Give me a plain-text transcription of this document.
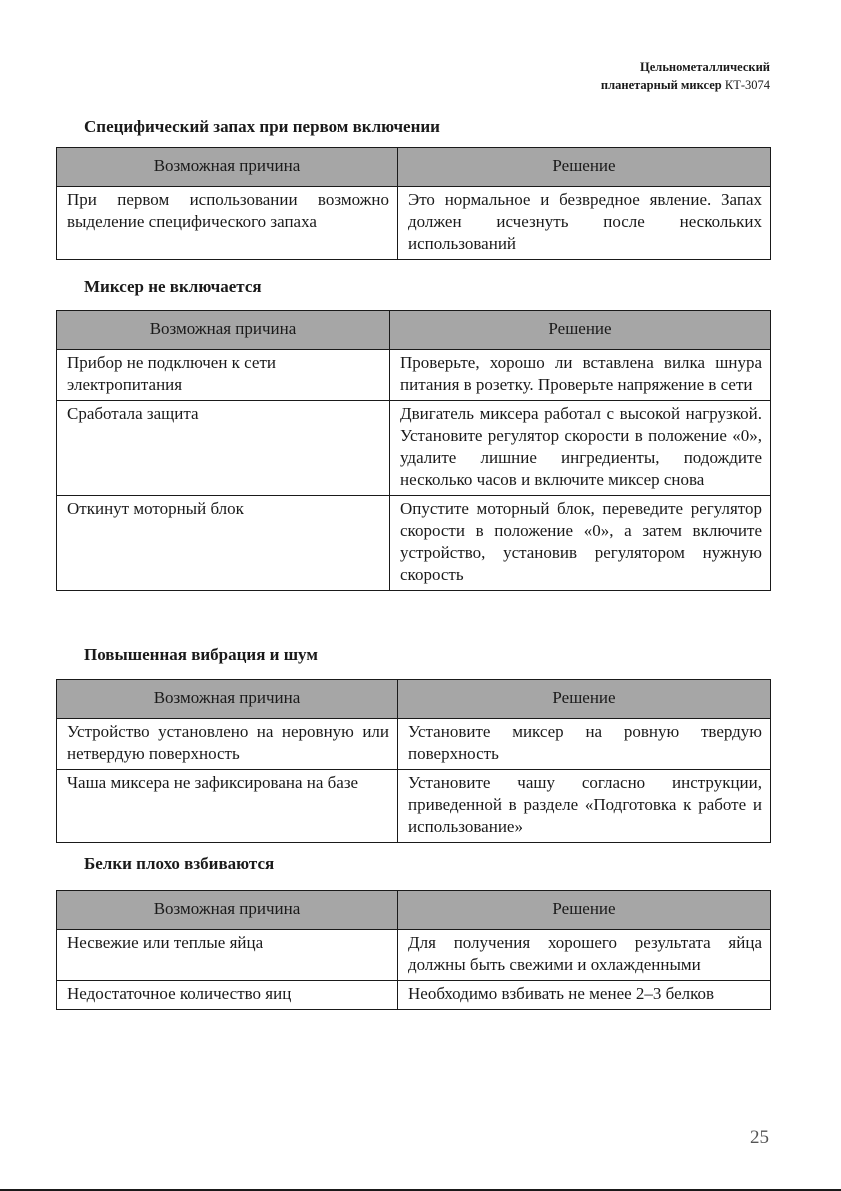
Цельнометаллический
планетарный миксер КТ-3074
Специфический запах при первом включении
Возможная причина	Решение
При первом использовании возможно выделение специфического запаха	Это нормальное и безвредное явление. Запах должен исчезнуть после нескольких использований
Миксер не включается
Возможная причина	Решение
Прибор не подключен к сети электропитания	Проверьте, хорошо ли вставлена вилка шнура питания в розетку. Проверьте напряжение в сети
Сработала защита	Двигатель миксера работал с высокой нагрузкой. Установите регулятор скорости в положение «0», удалите лишние ингредиенты, подождите несколько часов и включите миксер снова
Откинут моторный блок	Опустите моторный блок, переведите регулятор скорости в положение «0», а затем включите устройство, установив регулятором нужную скорость
Повышенная вибрация и шум
Возможная причина	Решение
Устройство установлено на неровную или нетвердую поверхность	Установите миксер на ровную твердую поверхность
Чаша миксера не зафиксирована на базе	Установите чашу согласно инструкции, приведенной в разделе «Подготовка к работе и использование»
Белки плохо взбиваются
Возможная причина	Решение
Несвежие или теплые яйца	Для получения хорошего результата яйца должны быть свежими и охлажденными
Недостаточное количество яиц	Необходимо взбивать не менее 2–3 белков
25
